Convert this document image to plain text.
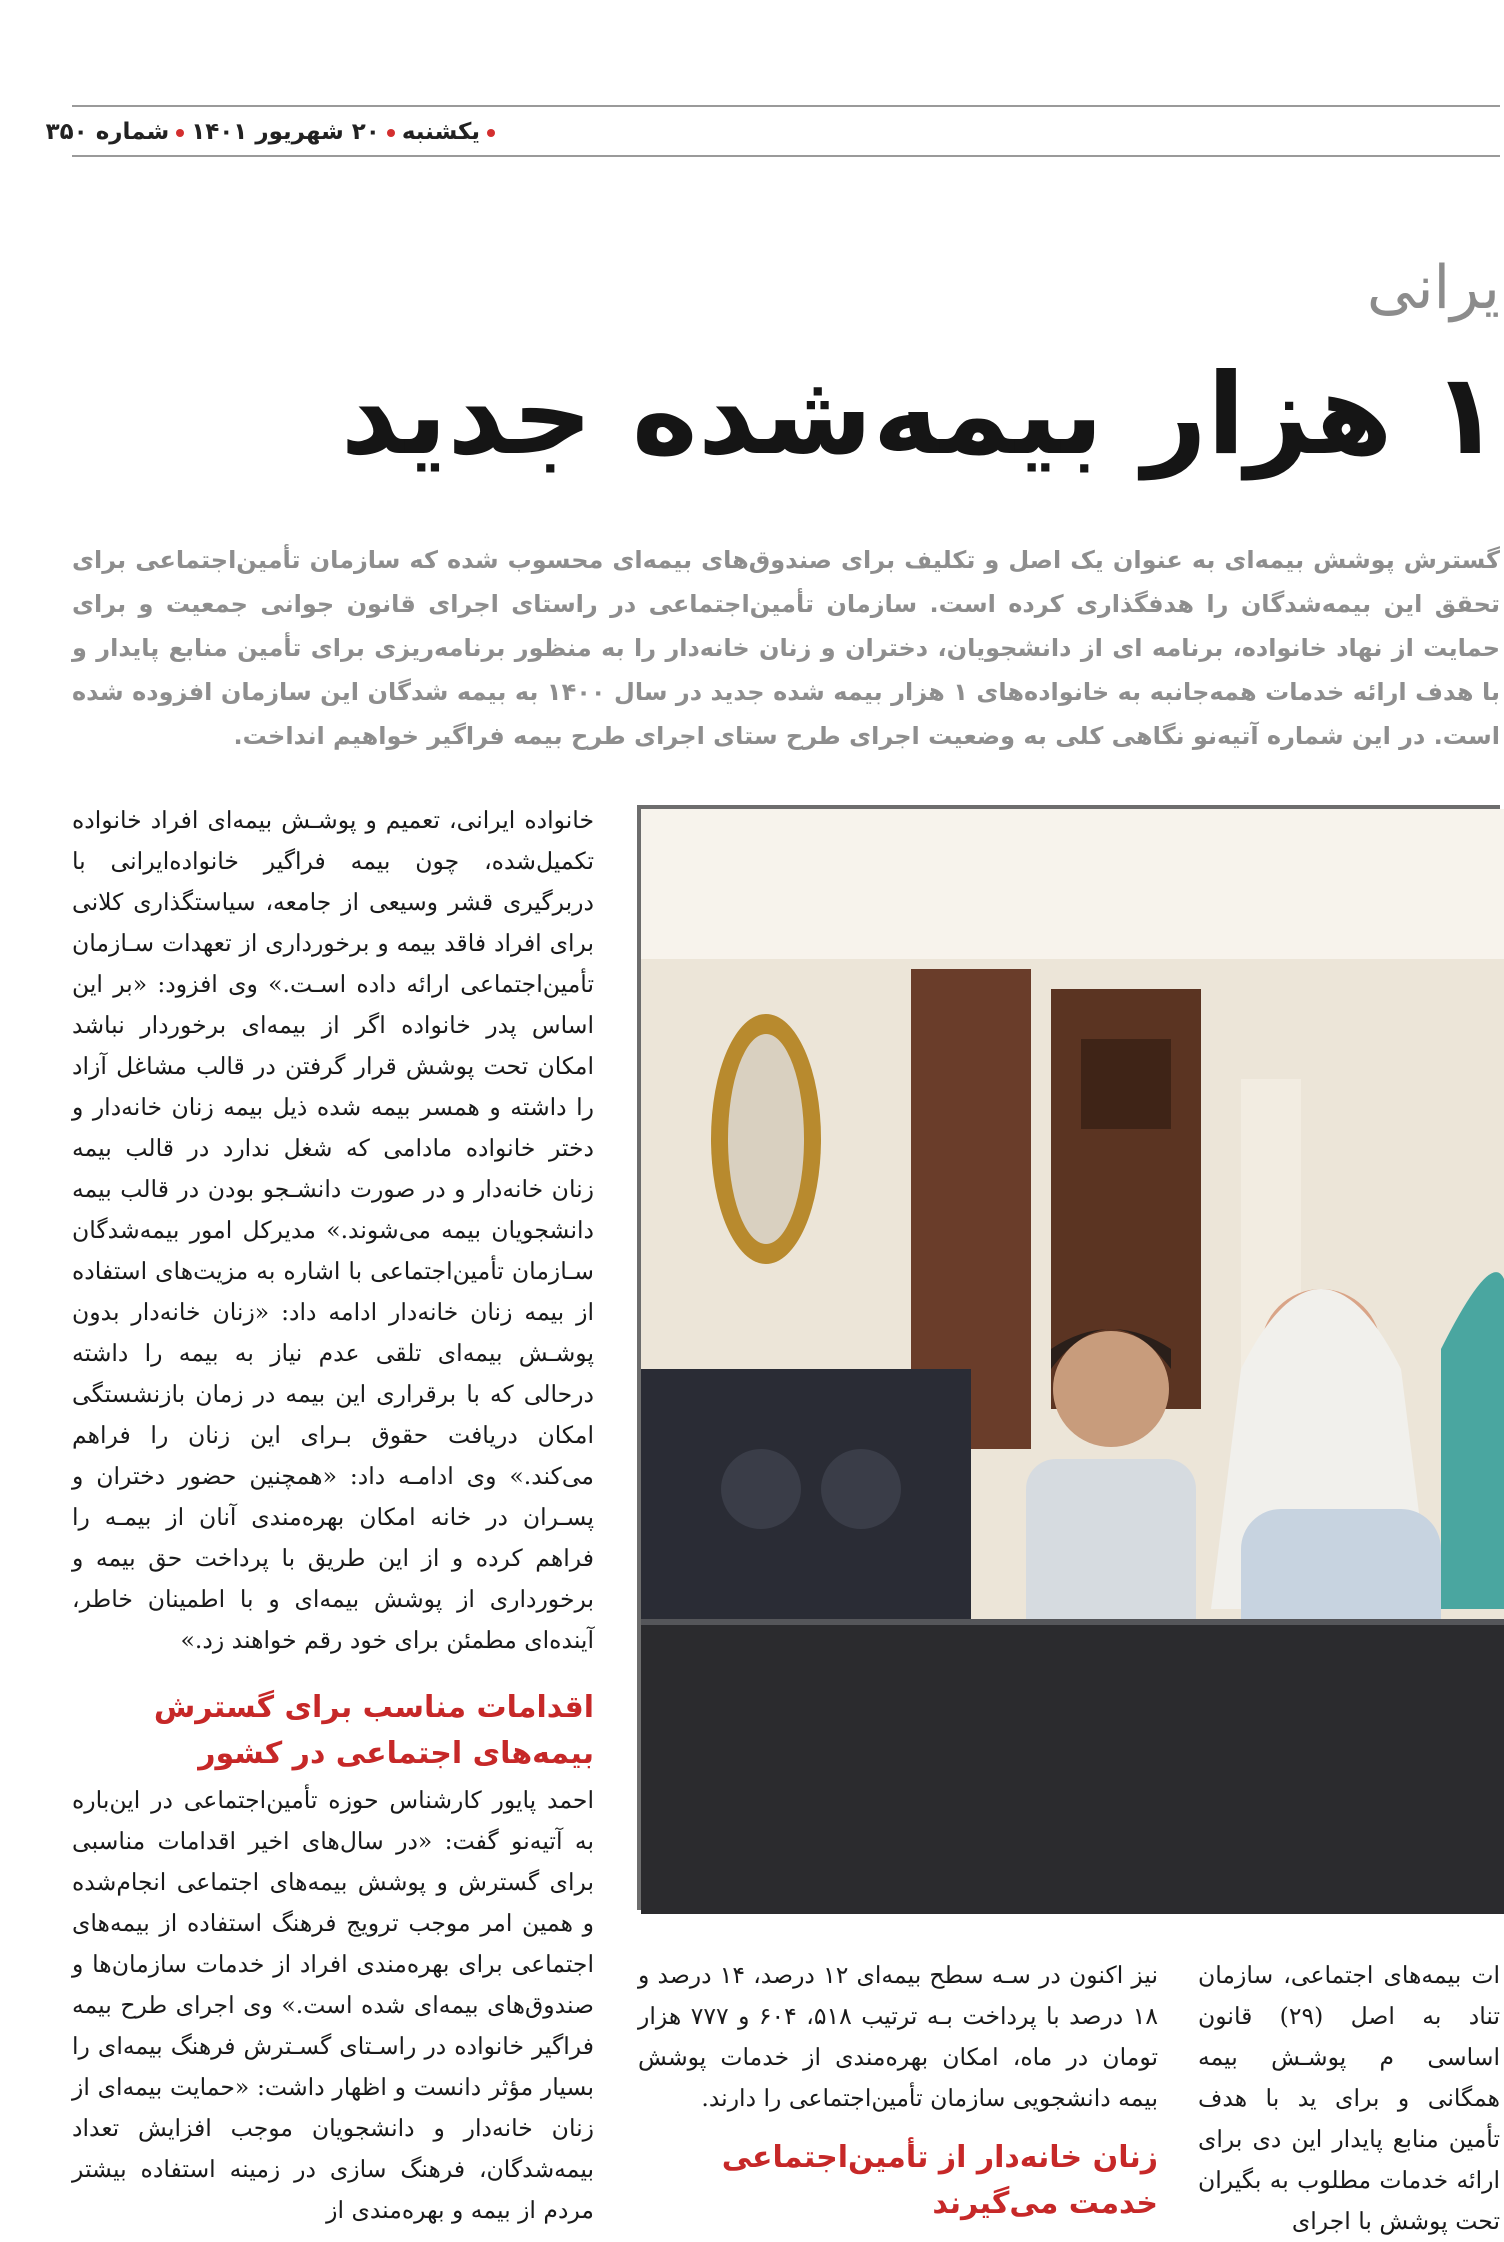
یکشنبه۲۰ شهریور ۱۴۰۱شماره ۳۵۰
یرانی
۱ هزار بیمه‌شده جدید
گسترش پوشش بیمه‌ای به عنوان یک اصل و تکلیف برای صندوق‌های بیمه‌ای محسوب شده که سازمان تأمین‌اجتماعی برای تحقق این بیمه‌شدگان را هدفگذاری کرده است. سازمان تأمین‌اجتماعی در راستای اجرای قانون جوانی جمعیت و برای حمایت از نهاد خانواده، برنامه ‌ای از دانشجویان، دختران و زنان خانه‌دار را به منظور برنامه‌ریزی برای تأمین منابع پایدار و با هدف ارائه خدمات همه‌جانبه به خانواده‌های ۱ هزار بیمه شده جدید در سال ۱۴۰۰ به بیمه شدگان این سازمان افزوده شده است. در این شماره آتیه‌نو نگاهی کلی به وضعیت اجرای طرح ستای اجرای طرح بیمه فراگیر خواهیم انداخت.
خانواده ایرانی، تعمیم و پوشـش بیمه‌ای افراد خانواده تکمیل‌شده، چون بیمه فراگیر خانواده‌ایرانی با دربرگیری قشر وسیعی از جامعه، سیاستگذاری کلانی برای افراد فاقد بیمه و برخورداری از تعهدات سـازمان تأمین‌اجتماعی ارائه داده اسـت.» وی افزود: «بر این اساس پدر خانواده اگر از بیمه‌ای برخوردار نباشد امکان تحت پوشش قرار گرفتن در قالب مشاغل آزاد را داشته و همسر بیمه شده ذیل بیمه زنان خانه‌دار و دختر خانواده مادامی که شغل ندارد در قالب بیمه زنان خانه‌دار و در صورت دانشـجو بودن در قالب بیمه دانشجویان بیمه می‌شوند.» مدیرکل امور بیمه‌شدگان سـازمان تأمین‌اجتماعی با اشاره به مزیت‌های استفاده از بیمه زنان خانه‌دار ادامه داد: «زنان خانه‌دار بدون پوشـش بیمه‌ای تلقی عدم نیاز به بیمه را داشته‌ درحالی که با برقراری این بیمه در زمان بازنشستگی امکان دریافت حقوق بـرای این زنان را فراهم می‌کند.» وی ادامـه داد: «همچنین حضور دختران و پسـران در خانه امکان بهره‌مندی آنان از بیمـه را فراهم کرده و از این طریق با پرداخت حق بیمه و برخورداری از پوشش بیمه‌ای و با اطمینان خاطر، آینده‌ای مطمئن برای خود رقم خواهند زد.»
اقدامات مناسب برای گسترش بیمه‌های اجتماعی در کشور
احمد پایور کارشناس حوزه تأمین‌اجتماعی در این‌باره به آتیه‌نو گفت: «در سال‌های اخیر اقدامات مناسبی برای گسترش و پوشش بیمه‌های اجتماعی انجام‌شده و همین امر موجب ترویج فرهنگ استفاده از بیمه‌های اجتماعی برای بهره‌مندی افراد از خدمات سازمان‌ها و صندوق‌های بیمه‌ای شده است.» وی اجرای طرح بیمه فراگیر خانواده در راسـتای گسـترش فرهنگ بیمه‌ای را بسیار مؤثر دانست و اظهار داشت: «حمایت بیمه‌ای از زنان خانه‌دار و دانشجویان موجب افزایش تعداد بیمه‌شدگان، فرهنگ سازی در زمینه استفاده بیشتر مردم از بیمه و بهره‌مندی از
نیز اکنون در سـه سطح بیمه‌ای ۱۲ درصد، ۱۴ درصد و ۱۸ درصد با پرداخت بـه ترتیب ۵۱۸، ۶۰۴ و ۷۷۷ هزار تومان در ماه، امکان بهره‌مندی از خدمات پوشش بیمه دانشجویی سازمان تأمین‌اجتماعی را دارند.
زنان خانه‌دار از تأمین‌اجتماعی خدمت می‌گیرند
ات بیمه‌های اجتماعی، سازمان تناد به اصل (۲۹) قانون اساسی م پوشـش بیمه همگانی و برای ید با هدف تأمین منابع پایدار این دی برای ارائه خدمات مطلوب به بگیران تحت پوشش با اجرای
